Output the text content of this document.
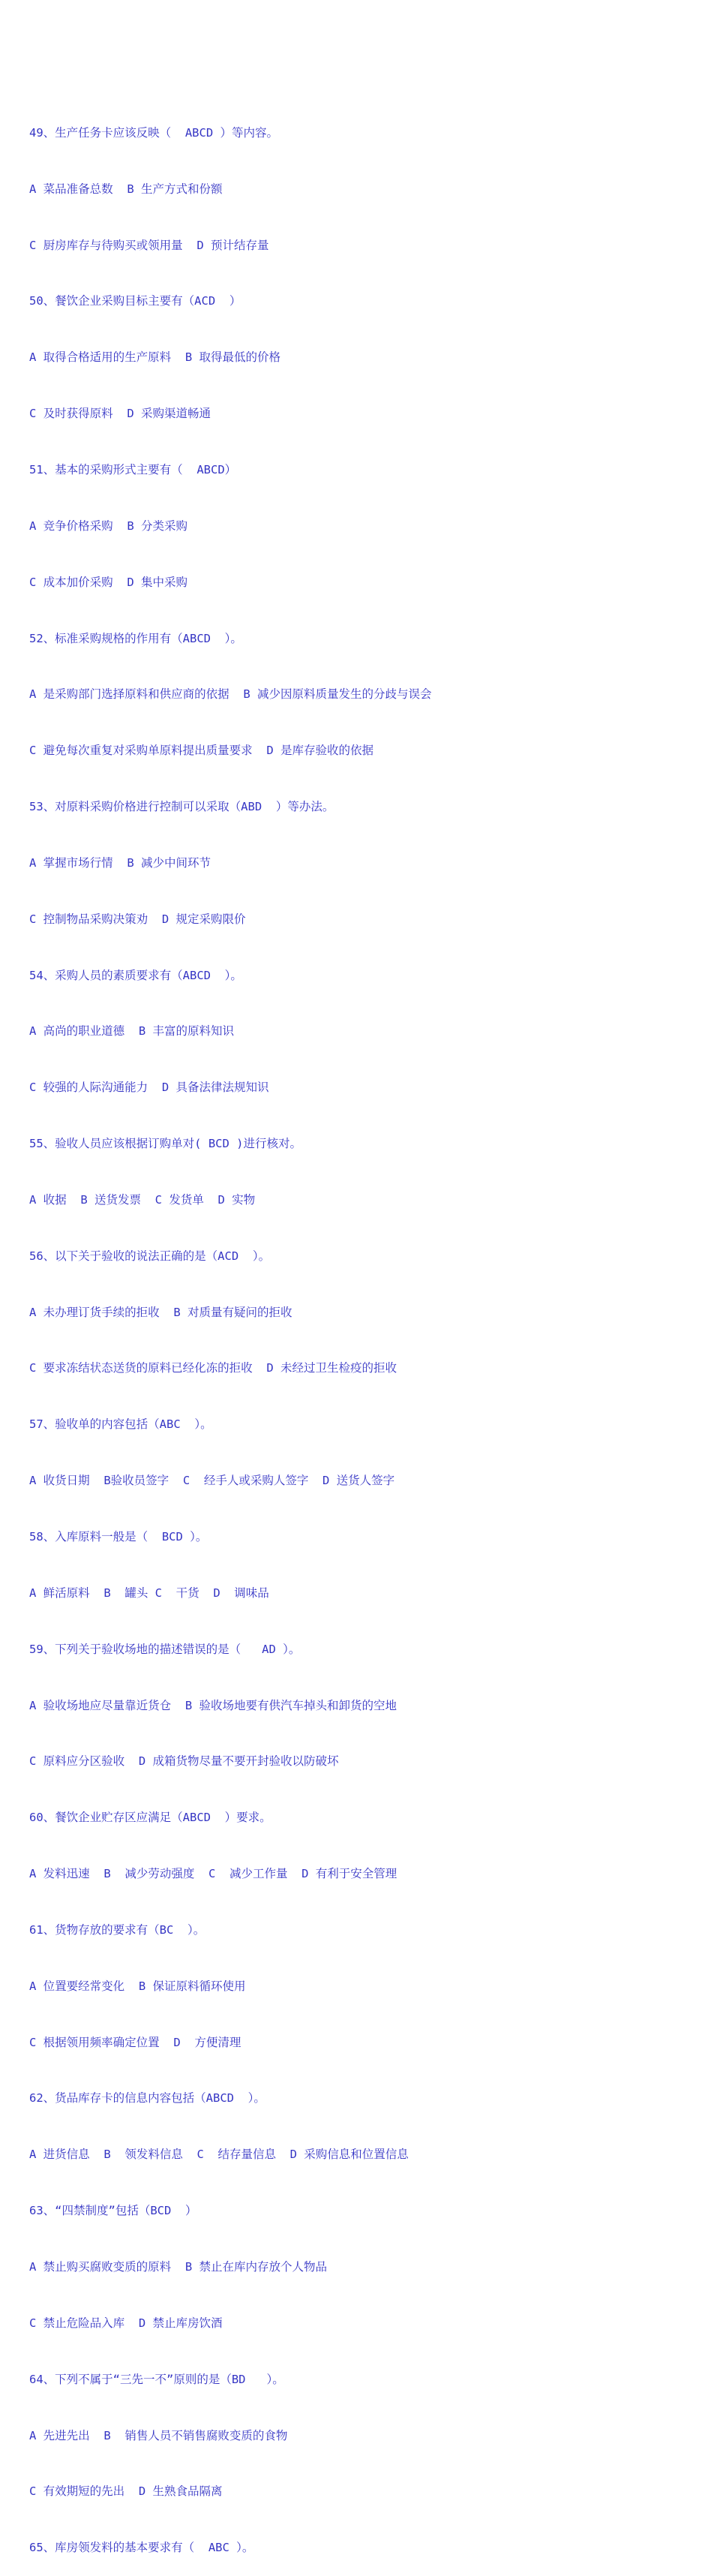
49、生产任务卡应该反映（  ABCD ）等内容。

A 菜品准备总数  B 生产方式和份额

C 厨房库存与待购买或领用量  D 预计结存量

50、餐饮企业采购目标主要有（ACD  ）

A 取得合格适用的生产原料  B 取得最低的价格

C 及时获得原料  D 采购渠道畅通

51、基本的采购形式主要有（  ABCD）

A 竞争价格采购  B 分类采购

C 成本加价采购  D 集中采购

52、标准采购规格的作用有（ABCD  ）。

A 是采购部门选择原料和供应商的依据  B 减少因原料质量发生的分歧与误会

C 避免每次重复对采购单原料提出质量要求  D 是库存验收的依据

53、对原料采购价格进行控制可以采取（ABD  ）等办法。

A 掌握市场行情  B 减少中间环节

C 控制物品采购决策劝  D 规定采购限价

54、采购人员的素质要求有（ABCD  ）。

A 高尚的职业道德  B 丰富的原料知识

C 较强的人际沟通能力  D 具备法律法规知识

55、验收人员应该根据订购单对( BCD )进行核对。

A 收据  B 送货发票  C 发货单  D 实物

56、以下关于验收的说法正确的是（ACD  ）。

A 未办理订货手续的拒收  B 对质量有疑问的拒收

C 要求冻结状态送货的原料已经化冻的拒收  D 未经过卫生检疫的拒收

57、验收单的内容包括（ABC  ）。

A 收货日期  B验收员签字  C  经手人或采购人签字  D 送货人签字

58、入库原料一般是（  BCD ）。

A 鲜活原料  B  罐头 C  干货  D  调味品

59、下列关于验收场地的描述错误的是（   AD ）。

A 验收场地应尽量靠近货仓  B 验收场地要有供汽车掉头和卸货的空地

C 原料应分区验收  D 成箱货物尽量不要开封验收以防破坏

60、餐饮企业贮存区应满足（ABCD  ）要求。

A 发料迅速  B  减少劳动强度  C  减少工作量  D 有利于安全管理

61、货物存放的要求有（BC  ）。

A 位置要经常变化  B 保证原料循环使用

C 根据领用频率确定位置  D  方便清理

62、货品库存卡的信息内容包括（ABCD  ）。

A 进货信息  B  领发料信息  C  结存量信息  D 采购信息和位置信息

63、“四禁制度”包括（BCD  ）

A 禁止购买腐败变质的原料  B 禁止在库内存放个人物品

C 禁止危险品入库  D 禁止库房饮酒

64、下列不属于“三先一不”原则的是（BD   ）。

A 先进先出  B  销售人员不销售腐败变质的食物

C 有效期短的先出  D 生熟食品隔离

65、库房领发料的基本要求有（  ABC ）。
